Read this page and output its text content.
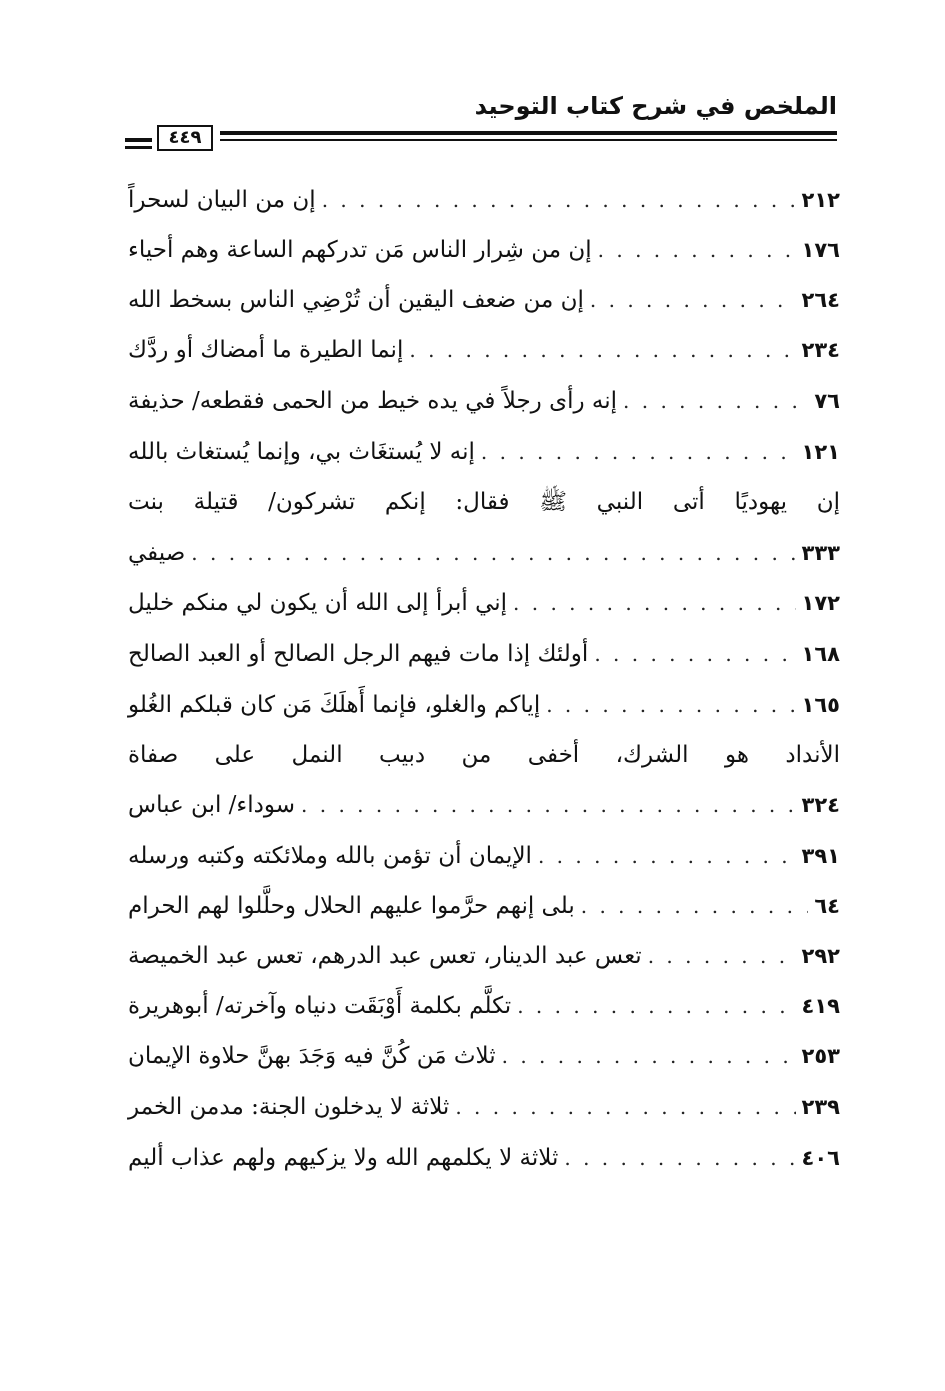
الملخص في شرح كتاب التوحيد
٤٤٩
إن من البيان لسحراً . . .	٢١٢
إن من شِرار الناس مَن تدركهم الساعة وهم أحياء . . .	١٧٦
إن من ضعف اليقين أن تُرْضِي الناس بسخط الله . . .	٢٦٤
إنما الطيرة ما أمضاك أو ردَّك . . .	٢٣٤
إنه رأى رجلاً في يده خيط من الحمى فقطعه/ حذيفة . . .	٧٦
إنه لا يُستغَاث بي، وإنما يُستغاث بالله . . .	١٢١
إن يهوديًا أتى النبي ﷺ فقال: إنكم تشركون/ قتيلة بنت
صيفي . . .	٣٣٣
إني أبرأ إلى الله أن يكون لي منكم خليل . . .	١٧٢
أولئك إذا مات فيهم الرجل الصالح أو العبد الصالح . . .	١٦٨
إياكم والغلو، فإنما أَهلَكَ مَن كان قبلكم الغُلو . . .	١٦٥
الأنداد هو الشرك، أخفى من دبيب النمل على صفاة
سوداء/ ابن عباس . . .	٣٢٤
الإيمان أن تؤمن بالله وملائكته وكتبه ورسله . . .	٣٩١
بلى إنهم حرَّموا عليهم الحلال وحلَّلوا لهم الحرام . . .	٦٤
تعس عبد الدينار، تعس عبد الدرهم، تعس عبد الخميصة . . .	٢٩٢
تكلَّم بكلمة أَوْبَقَت دنياه وآخرته/ أبوهريرة . . .	٤١٩
ثلاث مَن كُنَّ فيه وَجَدَ بهنَّ حلاوة الإيمان . . .	٢٥٣
ثلاثة لا يدخلون الجنة: مدمن الخمر . . .	٢٣٩
ثلاثة لا يكلمهم الله ولا يزكيهم ولهم عذاب أليم . . .	٤٠٦
